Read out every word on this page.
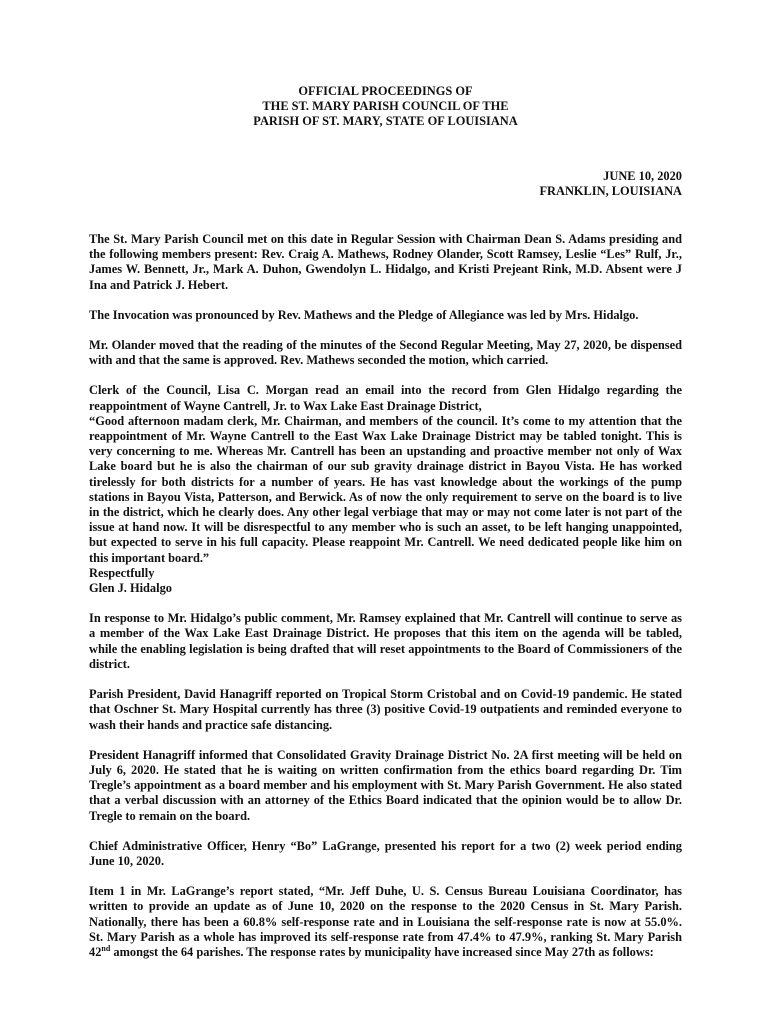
OFFICIAL PROCEEDINGS OF
THE ST. MARY PARISH COUNCIL OF THE
PARISH OF ST. MARY, STATE OF LOUISIANA
JUNE 10, 2020
FRANKLIN, LOUISIANA

The St. Mary Parish Council met on this date in Regular Session with Chairman Dean S. Adams presiding and the following members present: Rev. Craig A. Mathews, Rodney Olander, Scott Ramsey, Leslie “Les” Rulf, Jr., James W. Bennett, Jr., Mark A. Duhon, Gwendolyn L. Hidalgo, and Kristi Prejeant Rink, M.D. Absent were J Ina and Patrick J. Hebert.

The Invocation was pronounced by Rev. Mathews and the Pledge of Allegiance was led by Mrs. Hidalgo.

Mr. Olander moved that the reading of the minutes of the Second Regular Meeting, May 27, 2020, be dispensed with and that the same is approved. Rev. Mathews seconded the motion, which carried.

Clerk of the Council, Lisa C. Morgan read an email into the record from Glen Hidalgo regarding the reappointment of Wayne Cantrell, Jr. to Wax Lake East Drainage District,

“Good afternoon madam clerk, Mr. Chairman, and members of the council. It’s come to my attention that the reappointment of Mr. Wayne Cantrell to the East Wax Lake Drainage District may be tabled tonight. This is very concerning to me. Whereas Mr. Cantrell has been an upstanding and proactive member not only of Wax Lake board but he is also the chairman of our sub gravity drainage district in Bayou Vista. He has worked tirelessly for both districts for a number of years. He has vast knowledge about the workings of the pump stations in Bayou Vista, Patterson, and Berwick. As of now the only requirement to serve on the board is to live in the district, which he clearly does. Any other legal verbiage that may or may not come later is not part of the issue at hand now. It will be disrespectful to any member who is such an asset, to be left hanging unappointed, but expected to serve in his full capacity. Please reappoint Mr. Cantrell. We need dedicated people like him on this important board.”

Respectfully
Glen J. Hidalgo

In response to Mr. Hidalgo’s public comment, Mr. Ramsey explained that Mr. Cantrell will continue to serve as a member of the Wax Lake East Drainage District. He proposes that this item on the agenda will be tabled, while the enabling legislation is being drafted that will reset appointments to the Board of Commissioners of the district.

Parish President, David Hanagriff reported on Tropical Storm Cristobal and on Covid-19 pandemic. He stated that Oschner St. Mary Hospital currently has three (3) positive Covid-19 outpatients and reminded everyone to wash their hands and practice safe distancing.

President Hanagriff informed that Consolidated Gravity Drainage District No. 2A first meeting will be held on July 6, 2020. He stated that he is waiting on written confirmation from the ethics board regarding Dr. Tim Tregle’s appointment as a board member and his employment with St. Mary Parish Government. He also stated that a verbal discussion with an attorney of the Ethics Board indicated that the opinion would be to allow Dr. Tregle to remain on the board.

Chief Administrative Officer, Henry “Bo” LaGrange, presented his report for a two (2) week period ending June 10, 2020.

Item 1 in Mr. LaGrange’s report stated, “Mr. Jeff Duhe, U. S. Census Bureau Louisiana Coordinator, has written to provide an update as of June 10, 2020 on the response to the 2020 Census in St. Mary Parish. Nationally, there has been a 60.8% self-response rate and in Louisiana the self-response rate is now at 55.0%. St. Mary Parish as a whole has improved its self-response rate from 47.4% to 47.9%, ranking St. Mary Parish 42nd amongst the 64 parishes. The response rates by municipality have increased since May 27th as follows:
